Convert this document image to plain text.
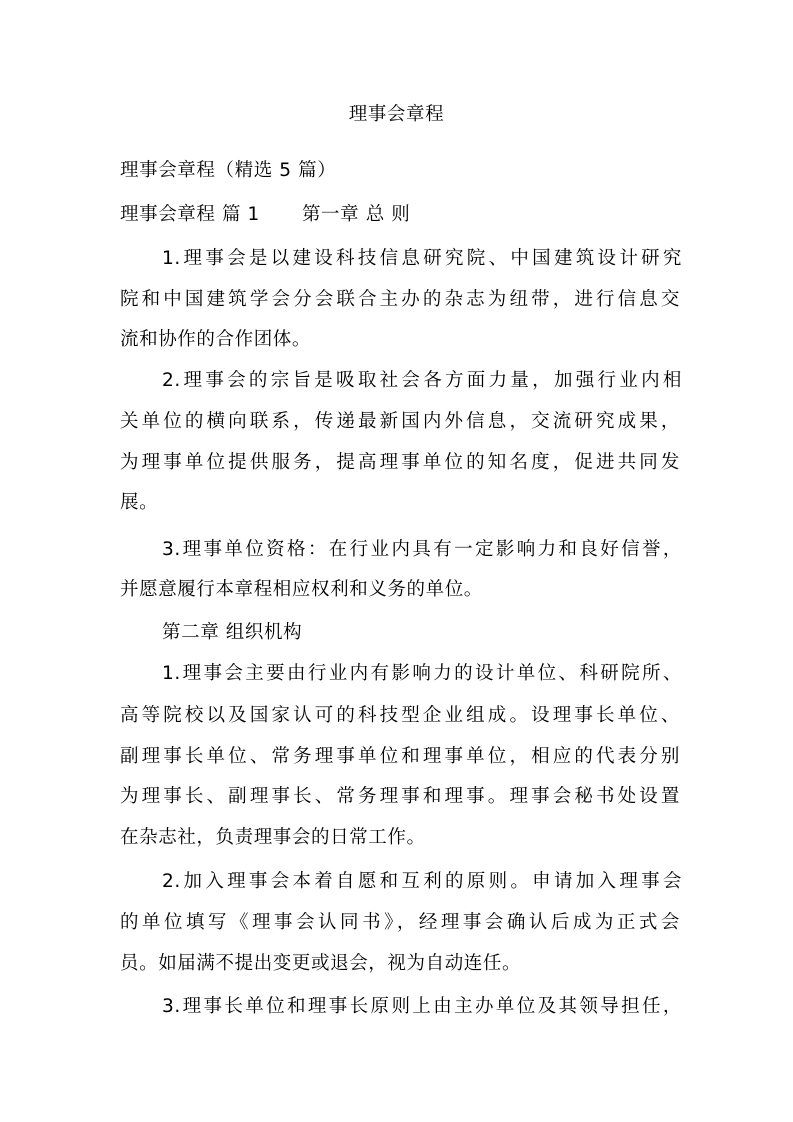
理事会章程
理事会章程（精选 5 篇）
理事会章程 篇 1 第一章 总 则
1.理事会是以建设科技信息研究院、中国建筑设计研究
院和中国建筑学会分会联合主办的杂志为纽带，进行信息交
流和协作的合作团体。
2.理事会的宗旨是吸取社会各方面力量，加强行业内相
关单位的横向联系，传递最新国内外信息，交流研究成果，
为理事单位提供服务，提高理事单位的知名度，促进共同发
展。
3.理事单位资格：在行业内具有一定影响力和良好信誉，
并愿意履行本章程相应权利和义务的单位。
第二章 组织机构
1.理事会主要由行业内有影响力的设计单位、科研院所、
高等院校以及国家认可的科技型企业组成。设理事长单位、
副理事长单位、常务理事单位和理事单位，相应的代表分别
为理事长、副理事长、常务理事和理事。理事会秘书处设置
在杂志社，负责理事会的日常工作。
2.加入理事会本着自愿和互利的原则。申请加入理事会
的单位填写《理事会认同书》，经理事会确认后成为正式会
员。如届满不提出变更或退会，视为自动连任。
3.理事长单位和理事长原则上由主办单位及其领导担任，
